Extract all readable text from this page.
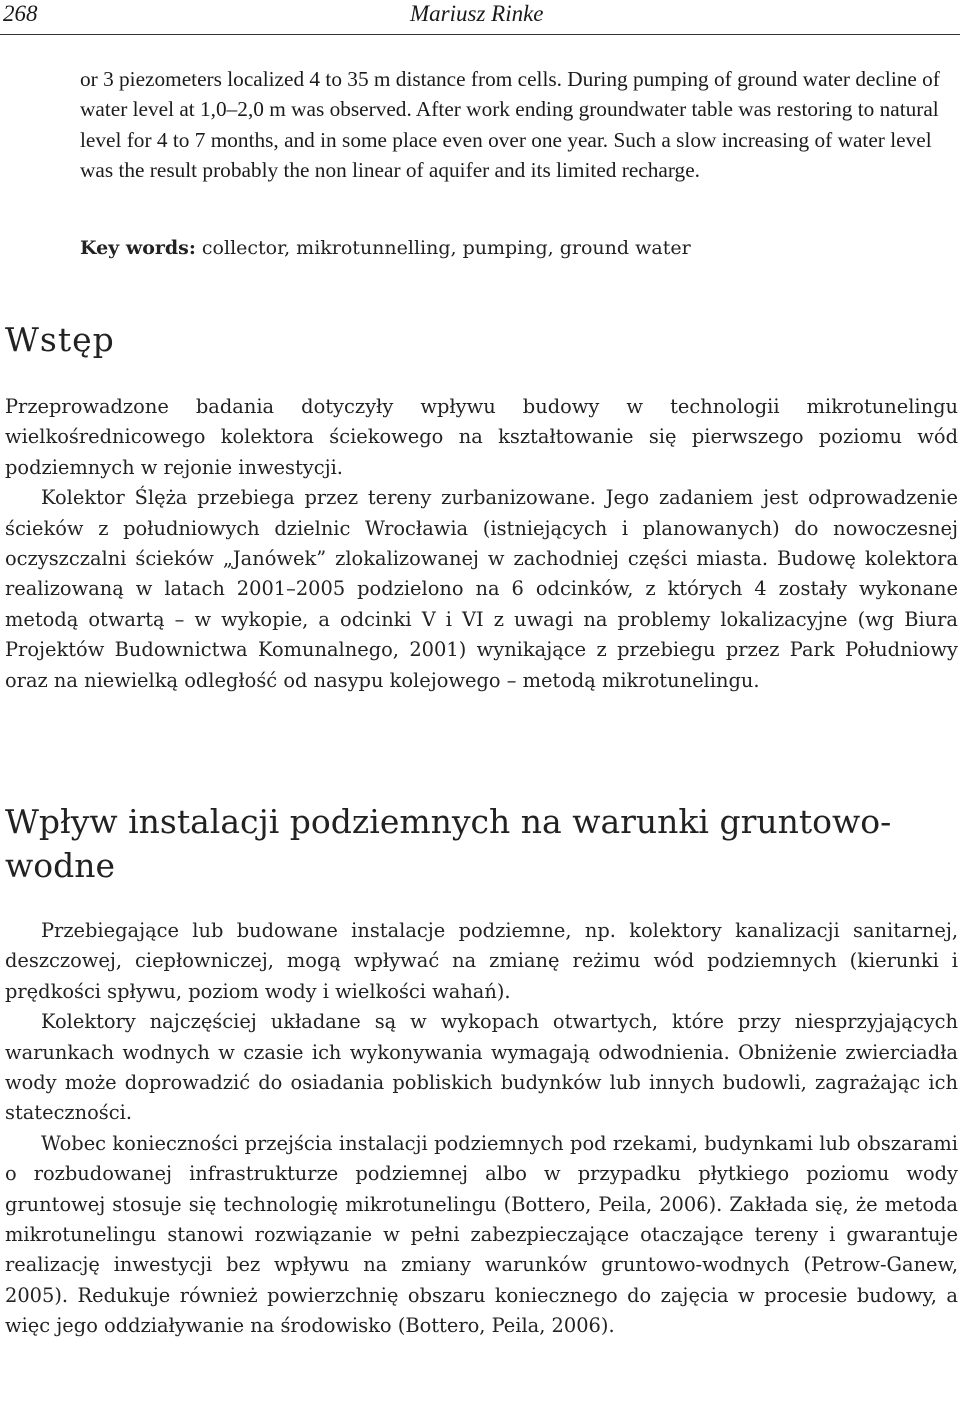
268	Mariusz Rinke

or 3 piezometers localized 4 to 35 m distance from cells. During pumping of ground water decline of water level at 1,0–2,0 m was observed. After work ending groundwater table was restoring to natural level for 4 to 7 months, and in some place even over one year. Such a slow increasing of water level was the result probably the non linear of aquifer and its limited recharge.

Key words: collector, mikrotunnelling, pumping, ground water

Wstęp

Przeprowadzone badania dotyczyły wpływu budowy w technologii mikrotunelingu wielkośrednicowego kolektora ściekowego na kształtowanie się pierwszego poziomu wód podziemnych w rejonie inwestycji.

Kolektor Ślęża przebiega przez tereny zurbanizowane. Jego zadaniem jest odprowadzenie ścieków z południowych dzielnic Wrocławia (istniejących i planowanych) do nowoczesnej oczyszczalni ścieków „Janówek” zlokalizowanej w zachodniej części miasta. Budowę kolektora realizowaną w latach 2001–2005 podzielono na 6 odcinków, z których 4 zostały wykonane metodą otwartą – w wykopie, a odcinki V i VI z uwagi na problemy lokalizacyjne (wg Biura Projektów Budownictwa Komunalnego, 2001) wynikające z przebiegu przez Park Południowy oraz na niewielką odległość od nasypu kolejowego – metodą mikrotunelingu.

Wpływ instalacji podziemnych na warunki gruntowo-wodne

Przebiegające lub budowane instalacje podziemne, np. kolektory kanalizacji sanitarnej, deszczowej, ciepłowniczej, mogą wpływać na zmianę reżimu wód podziemnych (kierunki i prędkości spływu, poziom wody i wielkości wahań).

Kolektory najczęściej układane są w wykopach otwartych, które przy niesprzyjających warunkach wodnych w czasie ich wykonywania wymagają odwodnienia. Obniżenie zwierciadła wody może doprowadzić do osiadania pobliskich budynków lub innych budowli, zagrażając ich stateczności.

Wobec konieczności przejścia instalacji podziemnych pod rzekami, budynkami lub obszarami o rozbudowanej infrastrukturze podziemnej albo w przypadku płytkiego poziomu wody gruntowej stosuje się technologię mikrotunelingu (Bottero, Peila, 2006). Zakłada się, że metoda mikrotunelingu stanowi rozwiązanie w pełni zabezpieczające otaczające tereny i gwarantuje realizację inwestycji bez wpływu na zmiany warunków gruntowo-wodnych (Petrow-Ganew, 2005). Redukuje również powierzchnię obszaru koniecznego do zajęcia w procesie budowy, a więc jego oddziaływanie na środowisko (Bottero, Peila, 2006).
